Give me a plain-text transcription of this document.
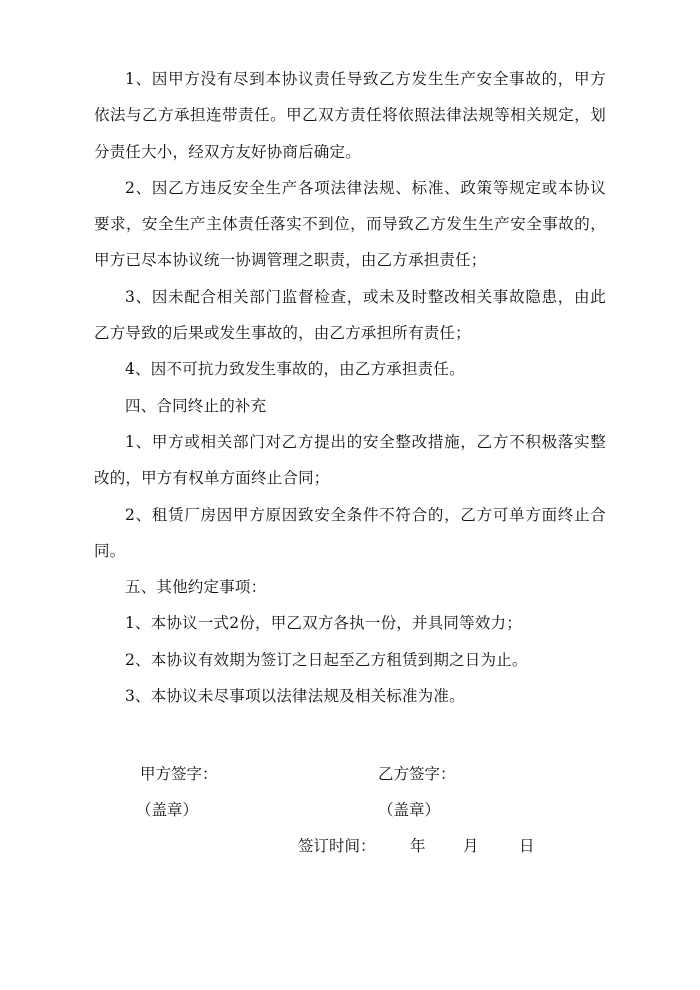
1、因甲方没有尽到本协议责任导致乙方发生生产安全事故的，甲方依法与乙方承担连带责任。甲乙双方责任将依照法律法规等相关规定，划分责任大小，经双方友好协商后确定。

2、因乙方违反安全生产各项法律法规、标准、政策等规定或本协议要求，安全生产主体责任落实不到位，而导致乙方发生生产安全事故的，甲方已尽本协议统一协调管理之职责，由乙方承担责任；

3、因未配合相关部门监督检查，或未及时整改相关事故隐患，由此乙方导致的后果或发生事故的，由乙方承担所有责任；

4、因不可抗力致发生事故的，由乙方承担责任。

四、合同终止的补充

1、甲方或相关部门对乙方提出的安全整改措施，乙方不积极落实整改的，甲方有权单方面终止合同；

2、租赁厂房因甲方原因致安全条件不符合的，乙方可单方面终止合同。

五、其他约定事项：

1、本协议一式2份，甲乙双方各执一份，并具同等效力；

2、本协议有效期为签订之日起至乙方租赁到期之日为止。

3、本协议未尽事项以法律法规及相关标准为准。

甲方签字：	乙方签字：
（盖章）	（盖章）
签订时间： 年 月	日
